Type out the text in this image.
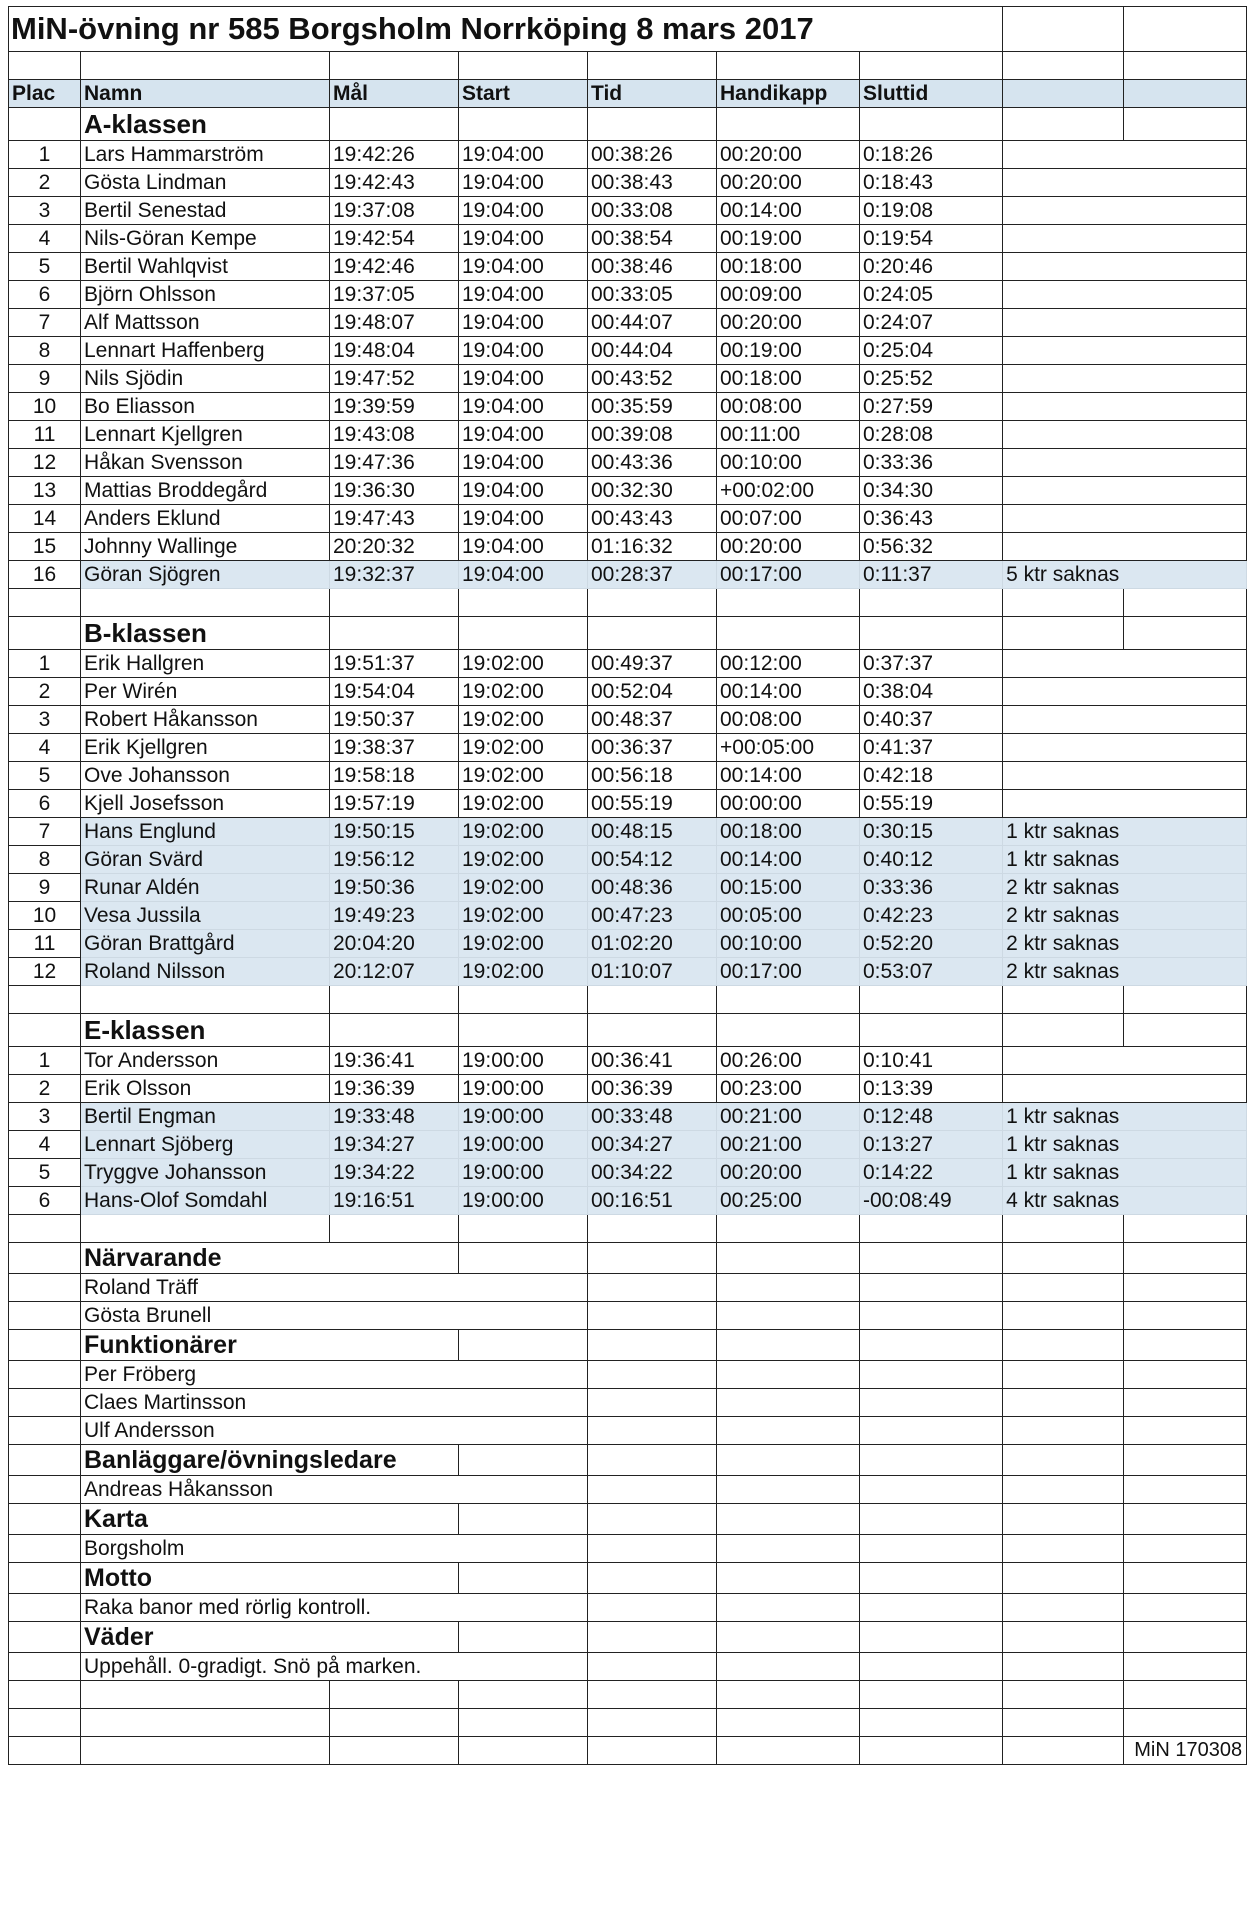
MiN-övning nr 585 Borgsholm Norrköping 8 mars 2017								

Plac	Namn	Mål	Start	Tid	Handikapp	Sluttid		
	A-klassen							
1	Lars Hammarström	19:42:26	19:04:00	00:38:26	00:20:00	0:18:26		
2	Gösta Lindman	19:42:43	19:04:00	00:38:43	00:20:00	0:18:43		
3	Bertil Senestad	19:37:08	19:04:00	00:33:08	00:14:00	0:19:08		
4	Nils-Göran Kempe	19:42:54	19:04:00	00:38:54	00:19:00	0:19:54		
5	Bertil Wahlqvist	19:42:46	19:04:00	00:38:46	00:18:00	0:20:46		
6	Björn Ohlsson	19:37:05	19:04:00	00:33:05	00:09:00	0:24:05		
7	Alf Mattsson	19:48:07	19:04:00	00:44:07	00:20:00	0:24:07		
8	Lennart Haffenberg	19:48:04	19:04:00	00:44:04	00:19:00	0:25:04		
9	Nils Sjödin	19:47:52	19:04:00	00:43:52	00:18:00	0:25:52		
10	Bo Eliasson	19:39:59	19:04:00	00:35:59	00:08:00	0:27:59		
11	Lennart Kjellgren	19:43:08	19:04:00	00:39:08	00:11:00	0:28:08		
12	Håkan Svensson	19:47:36	19:04:00	00:43:36	00:10:00	0:33:36		
13	Mattias Broddegård	19:36:30	19:04:00	00:32:30	+00:02:00	0:34:30		
14	Anders Eklund	19:47:43	19:04:00	00:43:43	00:07:00	0:36:43		
15	Johnny Wallinge	20:20:32	19:04:00	01:16:32	00:20:00	0:56:32		
16	Göran Sjögren	19:32:37	19:04:00	00:28:37	00:17:00	0:11:37	5 ktr saknas	

	B-klassen							
1	Erik Hallgren	19:51:37	19:02:00	00:49:37	00:12:00	0:37:37		
2	Per Wirén	19:54:04	19:02:00	00:52:04	00:14:00	0:38:04		
3	Robert Håkansson	19:50:37	19:02:00	00:48:37	00:08:00	0:40:37		
4	Erik Kjellgren	19:38:37	19:02:00	00:36:37	+00:05:00	0:41:37		
5	Ove Johansson	19:58:18	19:02:00	00:56:18	00:14:00	0:42:18		
6	Kjell Josefsson	19:57:19	19:02:00	00:55:19	00:00:00	0:55:19		
7	Hans Englund	19:50:15	19:02:00	00:48:15	00:18:00	0:30:15	1 ktr saknas	
8	Göran Svärd	19:56:12	19:02:00	00:54:12	00:14:00	0:40:12	1 ktr saknas	
9	Runar Aldén	19:50:36	19:02:00	00:48:36	00:15:00	0:33:36	2 ktr saknas	
10	Vesa Jussila	19:49:23	19:02:00	00:47:23	00:05:00	0:42:23	2 ktr saknas	
11	Göran Brattgård	20:04:20	19:02:00	01:02:20	00:10:00	0:52:20	2 ktr saknas	
12	Roland Nilsson	20:12:07	19:02:00	01:10:07	00:17:00	0:53:07	2 ktr saknas	

	E-klassen							
1	Tor Andersson	19:36:41	19:00:00	00:36:41	00:26:00	0:10:41		
2	Erik Olsson	19:36:39	19:00:00	00:36:39	00:23:00	0:13:39		
3	Bertil Engman	19:33:48	19:00:00	00:33:48	00:21:00	0:12:48	1 ktr saknas	
4	Lennart Sjöberg	19:34:27	19:00:00	00:34:27	00:21:00	0:13:27	1 ktr saknas	
5	Tryggve Johansson	19:34:22	19:00:00	00:34:22	00:20:00	0:14:22	1 ktr saknas	
6	Hans-Olof Somdahl	19:16:51	19:00:00	00:16:51	00:25:00	-00:08:49	4 ktr saknas	

	Närvarande							
	Roland Träff							
	Gösta Brunell							
	Funktionärer							
	Per Fröberg							
	Claes Martinsson							
	Ulf Andersson							
	Banläggare/övningsledare							
	Andreas Håkansson							
	Karta							
	Borgsholm							
	Motto							
	Raka banor med rörlig kontroll.							
	Väder							
	Uppehåll. 0-gradigt. Snö på marken.							

								MiN 170308
